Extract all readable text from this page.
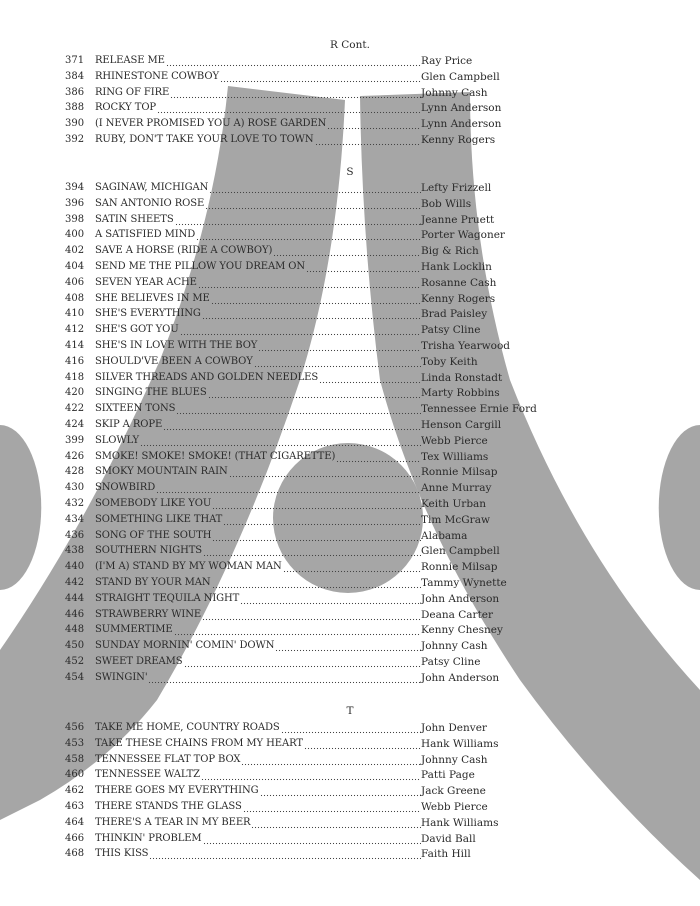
R Cont.
371	RELEASE ME	Ray Price
384	RHINESTONE COWBOY	Glen Campbell
386	RING OF FIRE	Johnny Cash
388	ROCKY TOP	Lynn Anderson
390	(I NEVER PROMISED YOU A) ROSE GARDEN	Lynn Anderson
392	RUBY, DON'T TAKE YOUR LOVE TO TOWN	Kenny Rogers
S
394	SAGINAW, MICHIGAN	Lefty Frizzell
396	SAN ANTONIO ROSE	Bob Wills
398	SATIN SHEETS	Jeanne Pruett
400	A SATISFIED MIND	Porter Wagoner
402	SAVE A HORSE (RIDE A COWBOY)	Big & Rich
404	SEND ME THE PILLOW YOU DREAM ON	Hank Locklin
406	SEVEN YEAR ACHE	Rosanne Cash
408	SHE BELIEVES IN ME	Kenny Rogers
410	SHE'S EVERYTHING	Brad Paisley
412	SHE'S GOT YOU	Patsy Cline
414	SHE'S IN LOVE WITH THE BOY	Trisha Yearwood
416	SHOULD'VE BEEN A COWBOY	Toby Keith
418	SILVER THREADS AND GOLDEN NEEDLES	Linda Ronstadt
420	SINGING THE BLUES	Marty Robbins
422	SIXTEEN TONS	Tennessee Ernie Ford
424	SKIP A ROPE	Henson Cargill
399	SLOWLY	Webb Pierce
426	SMOKE! SMOKE! SMOKE! (THAT CIGARETTE)	Tex Williams
428	SMOKY MOUNTAIN RAIN	Ronnie Milsap
430	SNOWBIRD	Anne Murray
432	SOMEBODY LIKE YOU	Keith Urban
434	SOMETHING LIKE THAT	Tim McGraw
436	SONG OF THE SOUTH	Alabama
438	SOUTHERN NIGHTS	Glen Campbell
440	(I'M A) STAND BY MY WOMAN MAN	Ronnie Milsap
442	STAND BY YOUR MAN	Tammy Wynette
444	STRAIGHT TEQUILA NIGHT	John Anderson
446	STRAWBERRY WINE	Deana Carter
448	SUMMERTIME	Kenny Chesney
450	SUNDAY MORNIN' COMIN' DOWN	Johnny Cash
452	SWEET DREAMS	Patsy Cline
454	SWINGIN'	John Anderson
T
456	TAKE ME HOME, COUNTRY ROADS	John Denver
453	TAKE THESE CHAINS FROM MY HEART	Hank Williams
458	TENNESSEE FLAT TOP BOX	Johnny Cash
460	TENNESSEE WALTZ	Patti Page
462	THERE GOES MY EVERYTHING	Jack Greene
463	THERE STANDS THE GLASS	Webb Pierce
464	THERE'S A TEAR IN MY BEER	Hank Williams
466	THINKIN' PROBLEM	David Ball
468	THIS KISS	Faith Hill
